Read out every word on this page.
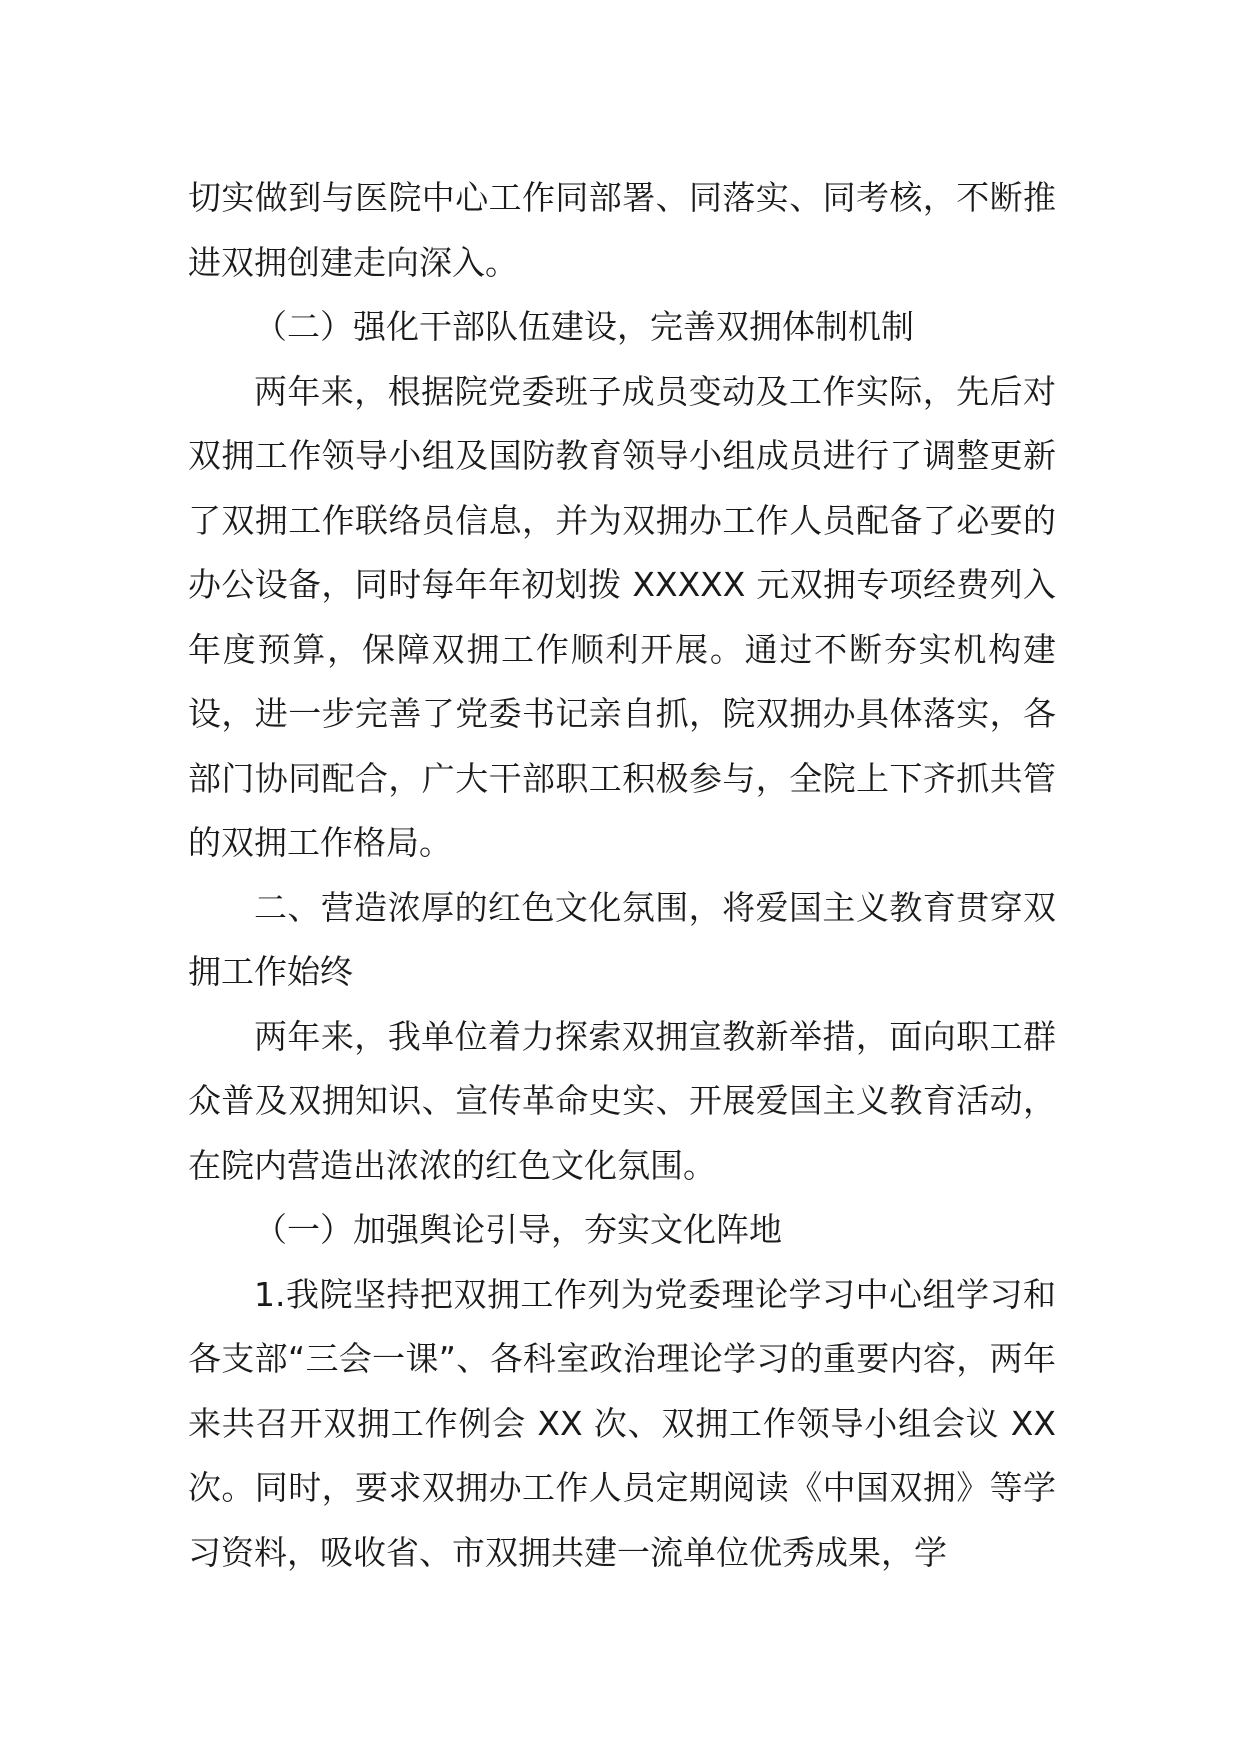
切实做到与医院中心工作同部署、同落实、同考核，不断推进双拥创建走向深入。

（二）强化干部队伍建设，完善双拥体制机制

两年来，根据院党委班子成员变动及工作实际，先后对双拥工作领导小组及国防教育领导小组成员进行了调整更新了双拥工作联络员信息，并为双拥办工作人员配备了必要的办公设备，同时每年年初划拨 XXXXX 元双拥专项经费列入年度预算，保障双拥工作顺利开展。通过不断夯实机构建设，进一步完善了党委书记亲自抓，院双拥办具体落实，各部门协同配合，广大干部职工积极参与，全院上下齐抓共管的双拥工作格局。

二、营造浓厚的红色文化氛围，将爱国主义教育贯穿双拥工作始终

两年来，我单位着力探索双拥宣教新举措，面向职工群众普及双拥知识、宣传革命史实、开展爱国主义教育活动，在院内营造出浓浓的红色文化氛围。

（一）加强舆论引导，夯实文化阵地

1.我院坚持把双拥工作列为党委理论学习中心组学习和各支部“三会一课”、各科室政治理论学习的重要内容，两年来共召开双拥工作例会 XX 次、双拥工作领导小组会议 XX 次。同时，要求双拥办工作人员定期阅读《中国双拥》等学习资料，吸收省、市双拥共建一流单位优秀成果，学
